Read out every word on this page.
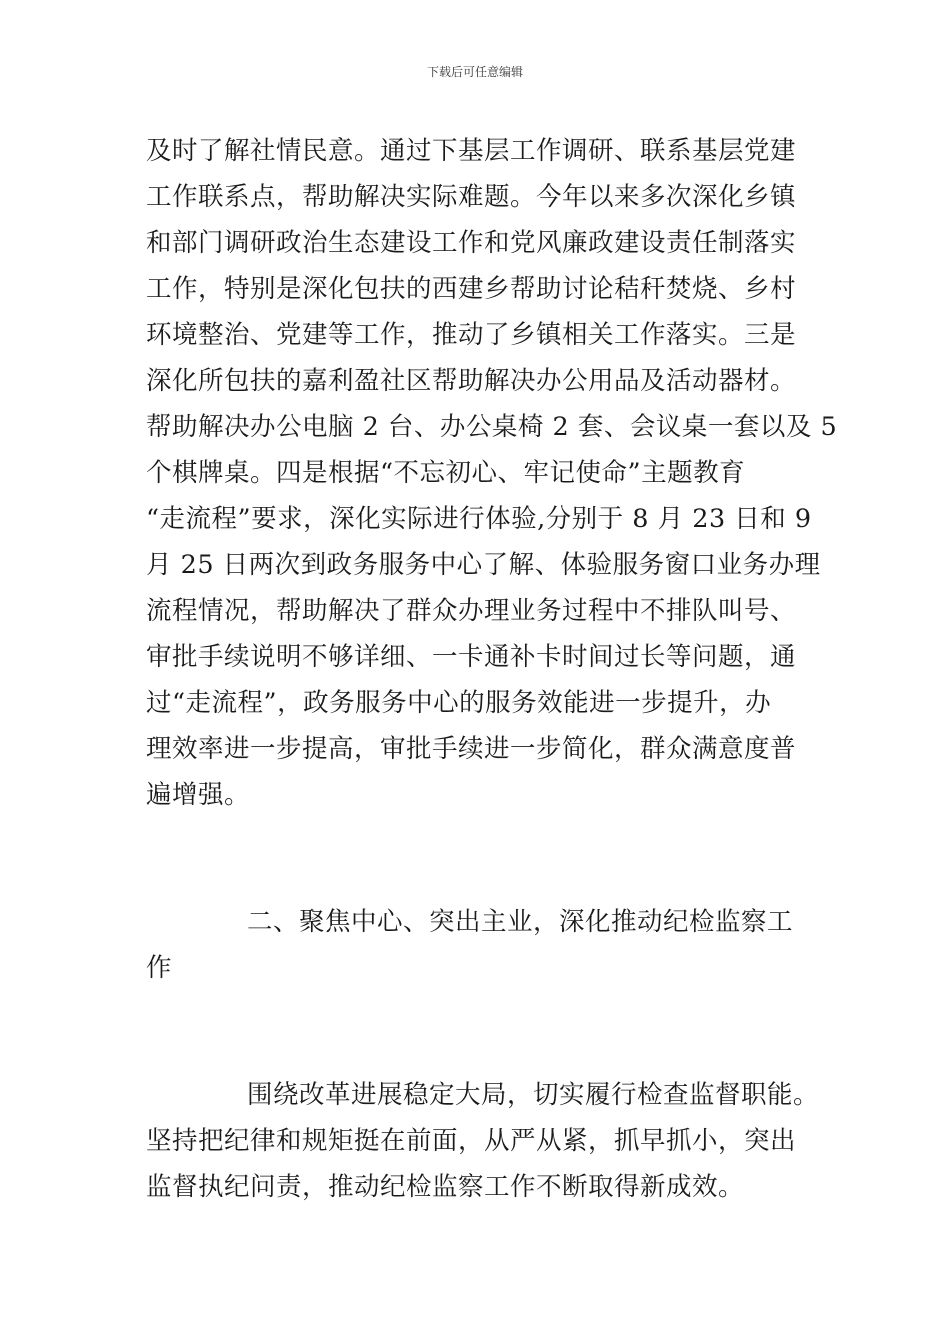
下载后可任意编辑
及时了解社情民意。通过下基层工作调研、联系基层党建
工作联系点，帮助解决实际难题。今年以来多次深化乡镇
和部门调研政治生态建设工作和党风廉政建设责任制落实
工作，特别是深化包扶的西建乡帮助讨论秸秆焚烧、乡村
环境整治、党建等工作，推动了乡镇相关工作落实。三是
深化所包扶的嘉利盈社区帮助解决办公用品及活动器材。
帮助解决办公电脑 2 台、办公桌椅 2 套、会议桌一套以及 5
个棋牌桌。四是根据“不忘初心、牢记使命”主题教育
“走流程”要求，深化实际进行体验,分别于 8 月 23 日和 9
月 25 日两次到政务服务中心了解、体验服务窗口业务办理
流程情况，帮助解决了群众办理业务过程中不排队叫号、
审批手续说明不够详细、一卡通补卡时间过长等问题，通
过“走流程”，政务服务中心的服务效能进一步提升，办
理效率进一步提高，审批手续进一步简化，群众满意度普
遍增强。
二、聚焦中心、突出主业，深化推动纪检监察工
作
围绕改革进展稳定大局，切实履行检查监督职能。
坚持把纪律和规矩挺在前面，从严从紧，抓早抓小，突出
监督执纪问责，推动纪检监察工作不断取得新成效。
